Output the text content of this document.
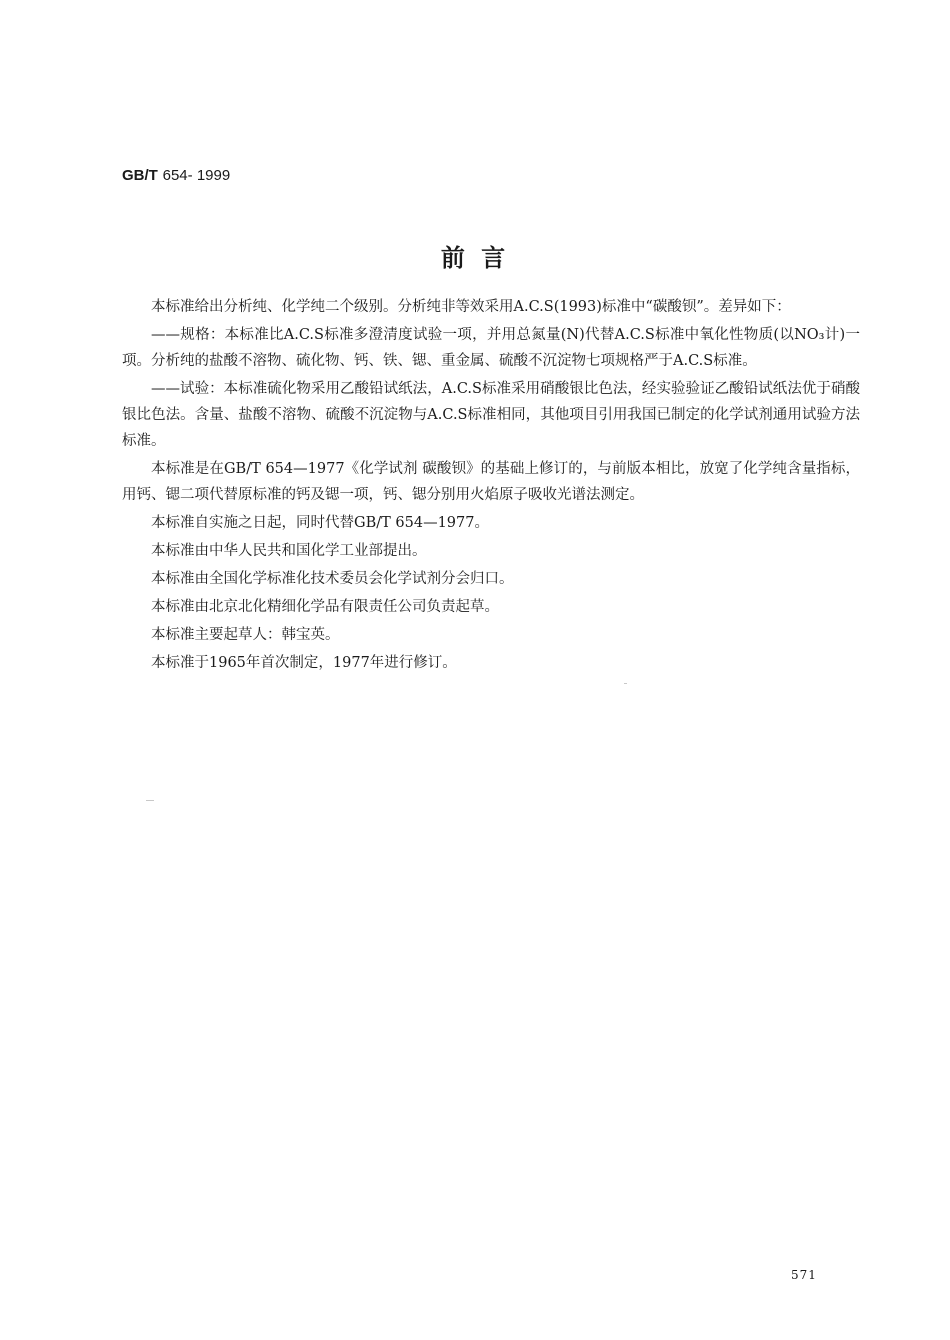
GB/T 654- 1999
前 言

本标准给出分析纯、化学纯二个级别。分析纯非等效采用A.C.S(1993)标准中“碳酸钡”。差异如下：

——规格：本标准比A.C.S标准多澄清度试验一项，并用总氮量(N)代替A.C.S标准中氧化性物质(以NO₃计)一项。分析纯的盐酸不溶物、硫化物、钙、铁、锶、重金属、硫酸不沉淀物七项规格严于A.C.S标准。

——试验：本标准硫化物采用乙酸铅试纸法，A.C.S标准采用硝酸银比色法，经实验验证乙酸铅试纸法优于硝酸银比色法。含量、盐酸不溶物、硫酸不沉淀物与A.C.S标准相同，其他项目引用我国已制定的化学试剂通用试验方法标准。

本标准是在GB/T 654—1977《化学试剂 碳酸钡》的基础上修订的，与前版本相比，放宽了化学纯含量指标，用钙、锶二项代替原标准的钙及锶一项，钙、锶分别用火焰原子吸收光谱法测定。

本标准自实施之日起，同时代替GB/T 654—1977。

本标准由中华人民共和国化学工业部提出。

本标准由全国化学标准化技术委员会化学试剂分会归口。

本标准由北京北化精细化学品有限责任公司负责起草。

本标准主要起草人：韩宝英。

本标准于1965年首次制定，1977年进行修订。

571
